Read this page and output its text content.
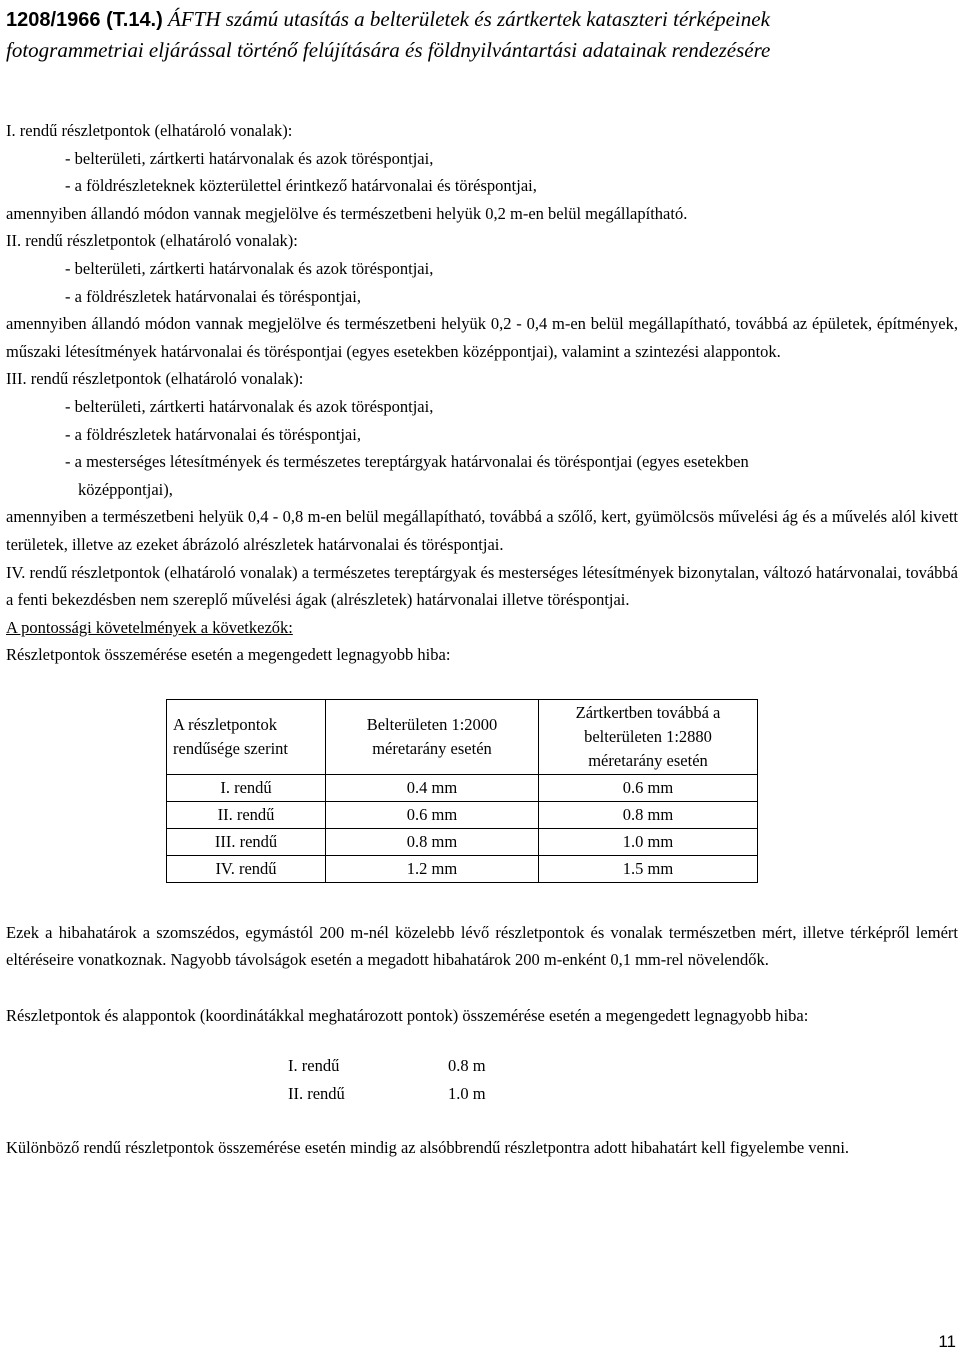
1208/1966 (T.14.) ÁFTH számú utasítás a belterületek és zártkertek kataszteri térképeinek
fotogrammetriai eljárással történő felújítására és földnyilvántartási adatainak rendezésére
I. rendű részletpontok (elhatároló vonalak):
- belterületi, zártkerti határvonalak és azok töréspontjai,
- a földrészleteknek közterülettel érintkező határvonalai és töréspontjai,
amennyiben állandó módon vannak megjelölve és természetbeni helyük 0,2 m-en belül megállapítható.
II. rendű részletpontok (elhatároló vonalak):
- belterületi, zártkerti határvonalak és azok töréspontjai,
- a földrészletek határvonalai és töréspontjai,
amennyiben állandó módon vannak megjelölve és természetbeni helyük 0,2 - 0,4 m-en belül megállapítható, továbbá az épületek, építmények, műszaki létesítmények határvonalai és töréspontjai (egyes esetekben középpontjai), valamint a szintezési alappontok.
III. rendű részletpontok (elhatároló vonalak):
- belterületi, zártkerti határvonalak és azok töréspontjai,
- a földrészletek határvonalai és töréspontjai,
- a mesterséges létesítmények és természetes tereptárgyak határvonalai és töréspontjai (egyes esetekben
középpontjai),
amennyiben a természetbeni helyük 0,4 - 0,8 m-en belül megállapítható, továbbá a szőlő, kert, gyümölcsös művelési ág és a művelés alól kivett területek, illetve az ezeket ábrázoló alrészletek határvonalai és töréspontjai.
IV. rendű részletpontok (elhatároló vonalak) a természetes tereptárgyak és mesterséges létesítmények bizonytalan, változó határvonalai, továbbá a fenti bekezdésben nem szereplő művelési ágak (alrészletek) határvonalai illetve töréspontjai.
A pontossági követelmények a következők:
Részletpontok összemérése esetén a megengedett legnagyobb hiba:
A részletpontok rendűsége szerint	Belterületen 1:2000 méretarány esetén	Zártkertben továbbá a belterületen 1:2880 méretarány esetén
I. rendű	0.4 mm	0.6 mm
II. rendű	0.6 mm	0.8 mm
III. rendű	0.8 mm	1.0 mm
IV. rendű	1.2 mm	1.5 mm
Ezek a hibahatárok a szomszédos, egymástól 200 m-nél közelebb lévő részletpontok és vonalak természetben mért, illetve térképről lemért eltéréseire vonatkoznak. Nagyobb távolságok esetén a megadott hibahatárok 200 m-enként 0,1 mm-rel növelendők.
Részletpontok és alappontok (koordinátákkal meghatározott pontok) összemérése esetén a megengedett legnagyobb hiba:
I. rendű	0.8 m
II. rendű	1.0 m
Különböző rendű részletpontok összemérése esetén mindig az alsóbbrendű részletpontra adott hibahatárt kell figyelembe venni.
11
